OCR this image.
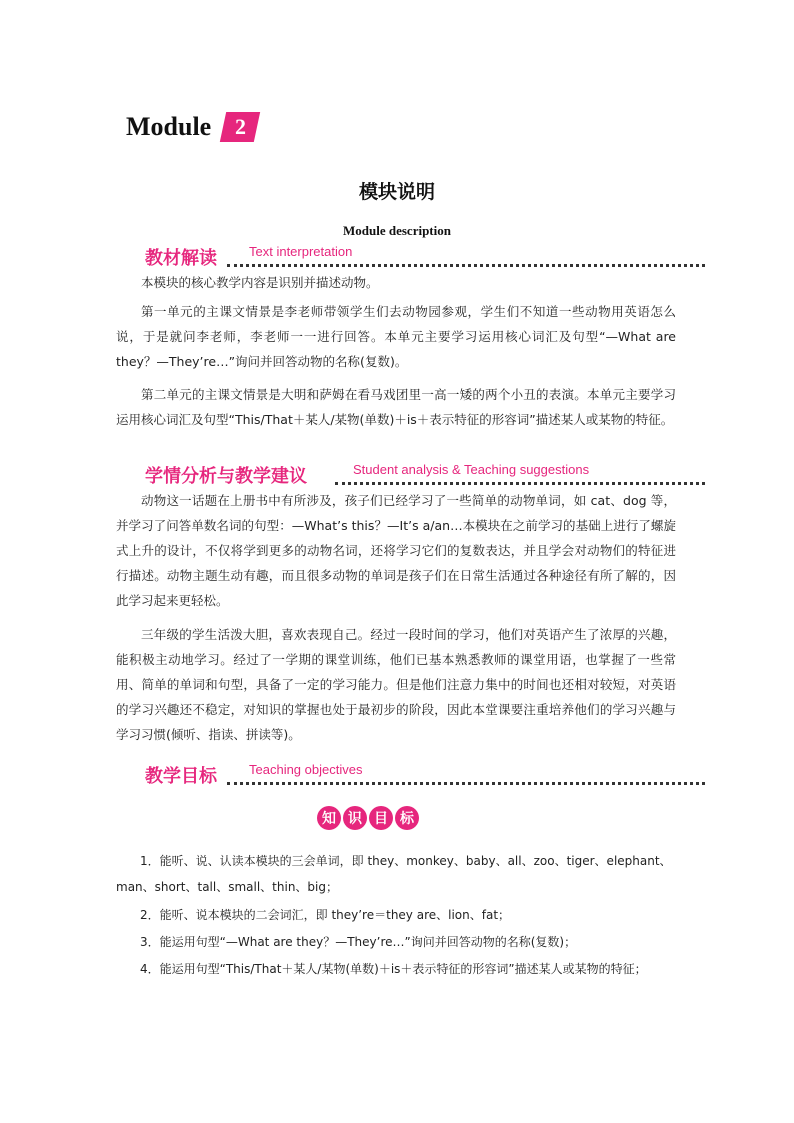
Module 2
模块说明
Module description
教材解读 Text interpretation

本模块的核心教学内容是识别并描述动物。

第一单元的主课文情景是李老师带领学生们去动物园参观，学生们不知道一些动物用英语怎么说，于是就问李老师，李老师一一进行回答。本单元主要学习运用核心词汇及句型“—What are they？—They’re…”询问并回答动物的名称(复数)。

第二单元的主课文情景是大明和萨姆在看马戏团里一高一矮的两个小丑的表演。本单元主要学习运用核心词汇及句型“This/That＋某人/某物(单数)＋is＋表示特征的形容词”描述某人或某物的特征。

学情分析与教学建议	Student analysis & Teaching suggestions

动物这一话题在上册书中有所涉及，孩子们已经学习了一些简单的动物单词，如 cat、dog 等，并学习了问答单数名词的句型：—What’s this？—It’s a/an…本模块在之前学习的基础上进行了螺旋式上升的设计，不仅将学到更多的动物名词，还将学习它们的复数表达，并且学会对动物们的特征进行描述。动物主题生动有趣，而且很多动物的单词是孩子们在日常生活通过各种途径有所了解的，因此学习起来更轻松。

三年级的学生活泼大胆，喜欢表现自己。经过一段时间的学习，他们对英语产生了浓厚的兴趣，能积极主动地学习。经过了一学期的课堂训练，他们已基本熟悉教师的课堂用语，也掌握了一些常用、简单的单词和句型，具备了一定的学习能力。但是他们注意力集中的时间也还相对较短，对英语的学习兴趣还不稳定，对知识的掌握也处于最初步的阶段，因此本堂课要注重培养他们的学习兴趣与学习习惯(倾听、指读、拼读等)。

教学目标 Teaching objectives
知 识 目 标

1．能听、说、认读本模块的三会单词，即 they、monkey、baby、all、zoo、tiger、elephant、man、short、tall、small、thin、big；

2．能听、说本模块的二会词汇，即 they’re＝they are、lion、fat；

3．能运用句型“—What are they？—They’re…”询问并回答动物的名称(复数)；

4．能运用句型“This/That＋某人/某物(单数)＋is＋表示特征的形容词”描述某人或某物的特征；
